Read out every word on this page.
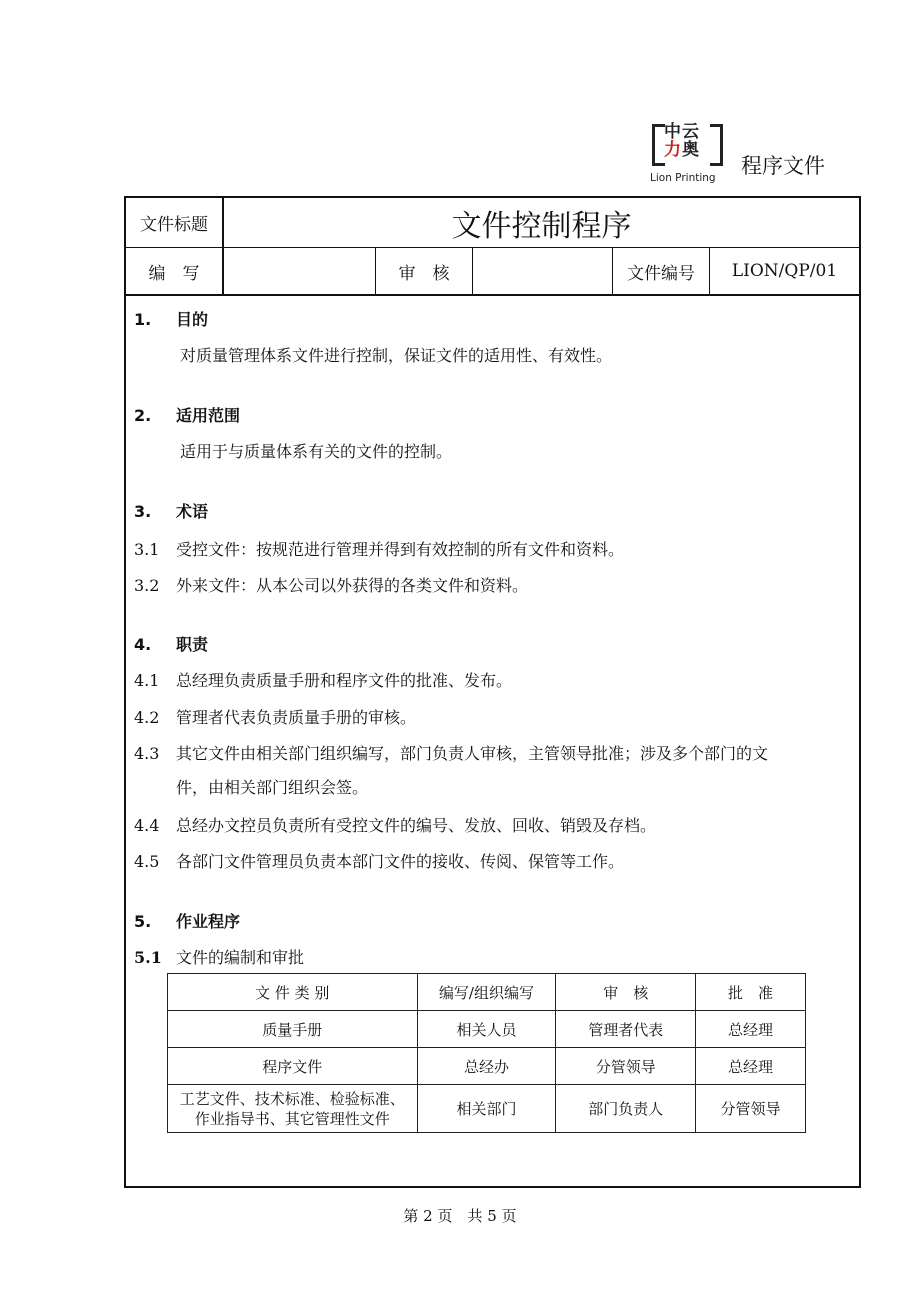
中 云
力 奥
Lion Printing 程序文件
文件标题	文件控制程序
编　写	审　核	文件编号	LION/QP/01
1. 目的
对质量管理体系文件进行控制，保证文件的适用性、有效性。
2. 适用范围
适用于与质量体系有关的文件的控制。
3. 术语
3.1 受控文件：按规范进行管理并得到有效控制的所有文件和资料。
3.2 外来文件：从本公司以外获得的各类文件和资料。
4. 职责
4.1 总经理负责质量手册和程序文件的批准、发布。
4.2 管理者代表负责质量手册的审核。
4.3 其它文件由相关部门组织编写，部门负责人审核，主管领导批准；涉及多个部门的文
件，由相关部门组织会签。
4.4 总经办文控员负责所有受控文件的编号、发放、回收、销毁及存档。
4.5 各部门文件管理员负责本部门文件的接收、传阅、保管等工作。
5. 作业程序
5.1 文件的编制和审批
文 件 类 别	编写/组织编写	审　核	批　准
质量手册	相关人员	管理者代表	总经理
程序文件	总经办	分管领导	总经理

工艺文件、技术标准、检验标准、
作业指导书、其它管理性文件	相关部门	部门负责人	分管领导
第 2 页　共 5 页
